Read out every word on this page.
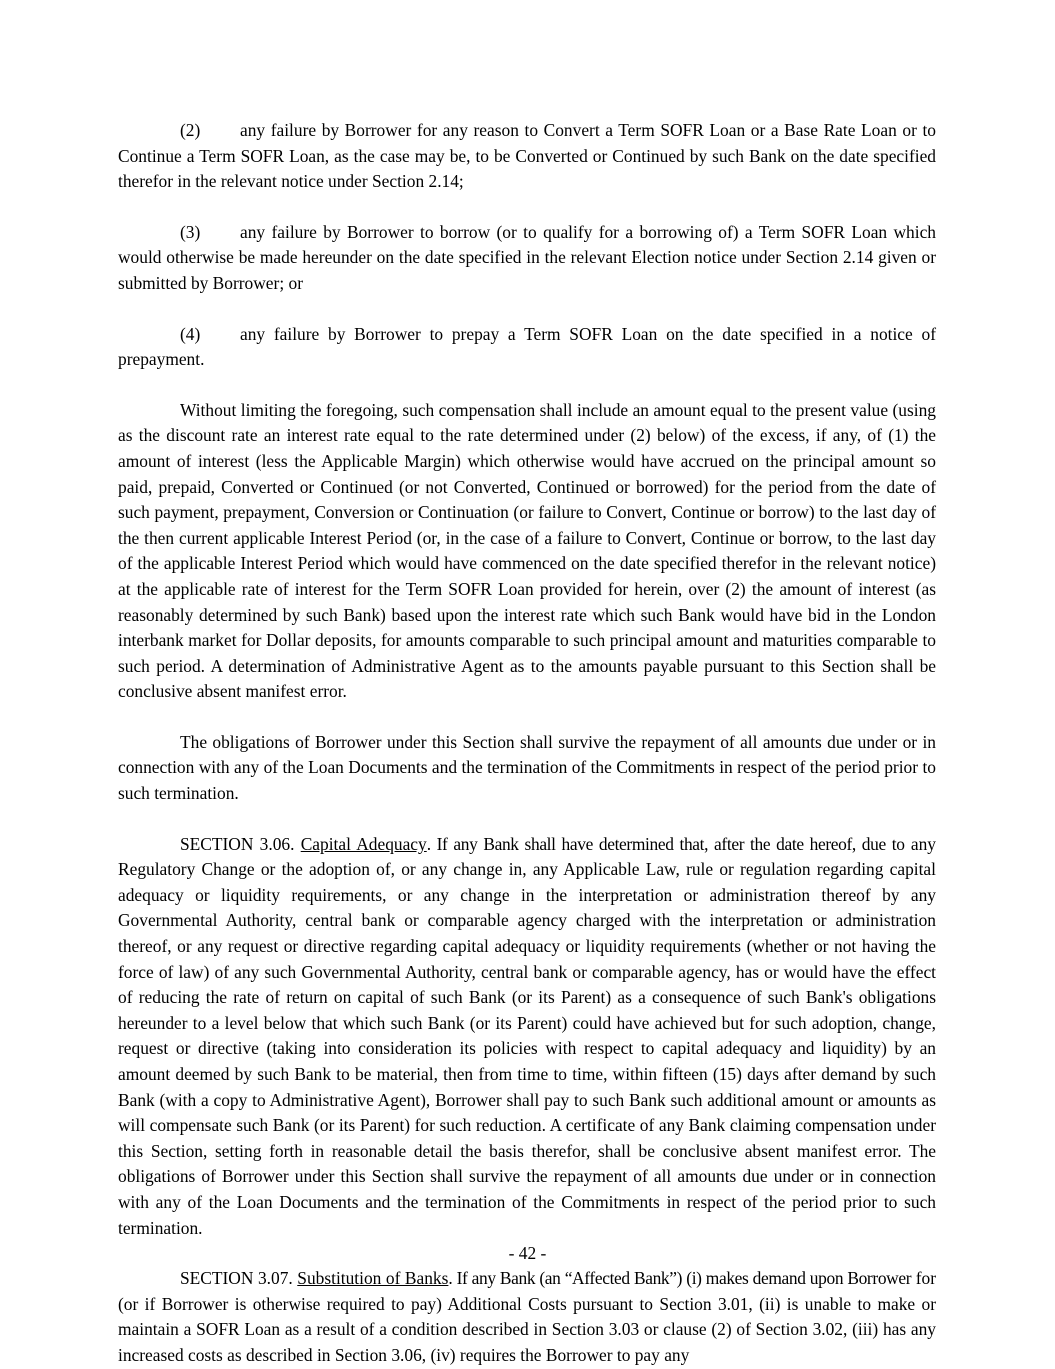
(2) any failure by Borrower for any reason to Convert a Term SOFR Loan or a Base Rate Loan or to Continue a Term SOFR Loan, as the case may be, to be Converted or Continued by such Bank on the date specified therefor in the relevant notice under Section 2.14;

(3) any failure by Borrower to borrow (or to qualify for a borrowing of) a Term SOFR Loan which would otherwise be made hereunder on the date specified in the relevant Election notice under Section 2.14 given or submitted by Borrower; or

(4) any failure by Borrower to prepay a Term SOFR Loan on the date specified in a notice of prepayment.

Without limiting the foregoing, such compensation shall include an amount equal to the present value (using as the discount rate an interest rate equal to the rate determined under (2) below) of the excess, if any, of (1) the amount of interest (less the Applicable Margin) which otherwise would have accrued on the principal amount so paid, prepaid, Converted or Continued (or not Converted, Continued or borrowed) for the period from the date of such payment, prepayment, Conversion or Continuation (or failure to Convert, Continue or borrow) to the last day of the then current applicable Interest Period (or, in the case of a failure to Convert, Continue or borrow, to the last day of the applicable Interest Period which would have commenced on the date specified therefor in the relevant notice) at the applicable rate of interest for the Term SOFR Loan provided for herein, over (2) the amount of interest (as reasonably determined by such Bank) based upon the interest rate which such Bank would have bid in the London interbank market for Dollar deposits, for amounts comparable to such principal amount and maturities comparable to such period. A determination of Administrative Agent as to the amounts payable pursuant to this Section shall be conclusive absent manifest error.

The obligations of Borrower under this Section shall survive the repayment of all amounts due under or in connection with any of the Loan Documents and the termination of the Commitments in respect of the period prior to such termination.

SECTION 3.06. Capital Adequacy. If any Bank shall have determined that, after the date hereof, due to any Regulatory Change or the adoption of, or any change in, any Applicable Law, rule or regulation regarding capital adequacy or liquidity requirements, or any change in the interpretation or administration thereof by any Governmental Authority, central bank or comparable agency charged with the interpretation or administration thereof, or any request or directive regarding capital adequacy or liquidity requirements (whether or not having the force of law) of any such Governmental Authority, central bank or comparable agency, has or would have the effect of reducing the rate of return on capital of such Bank (or its Parent) as a consequence of such Bank's obligations hereunder to a level below that which such Bank (or its Parent) could have achieved but for such adoption, change, request or directive (taking into consideration its policies with respect to capital adequacy and liquidity) by an amount deemed by such Bank to be material, then from time to time, within fifteen (15) days after demand by such Bank (with a copy to Administrative Agent), Borrower shall pay to such Bank such additional amount or amounts as will compensate such Bank (or its Parent) for such reduction. A certificate of any Bank claiming compensation under this Section, setting forth in reasonable detail the basis therefor, shall be conclusive absent manifest error. The obligations of Borrower under this Section shall survive the repayment of all amounts due under or in connection with any of the Loan Documents and the termination of the Commitments in respect of the period prior to such termination.

SECTION 3.07. Substitution of Banks. If any Bank (an “Affected Bank”) (i) makes demand upon Borrower for (or if Borrower is otherwise required to pay) Additional Costs pursuant to Section 3.01, (ii) is unable to make or maintain a SOFR Loan as a result of a condition described in Section 3.03 or clause (2) of Section 3.02, (iii) has any increased costs as described in Section 3.06, (iv) requires the Borrower to pay any

- 42 -
